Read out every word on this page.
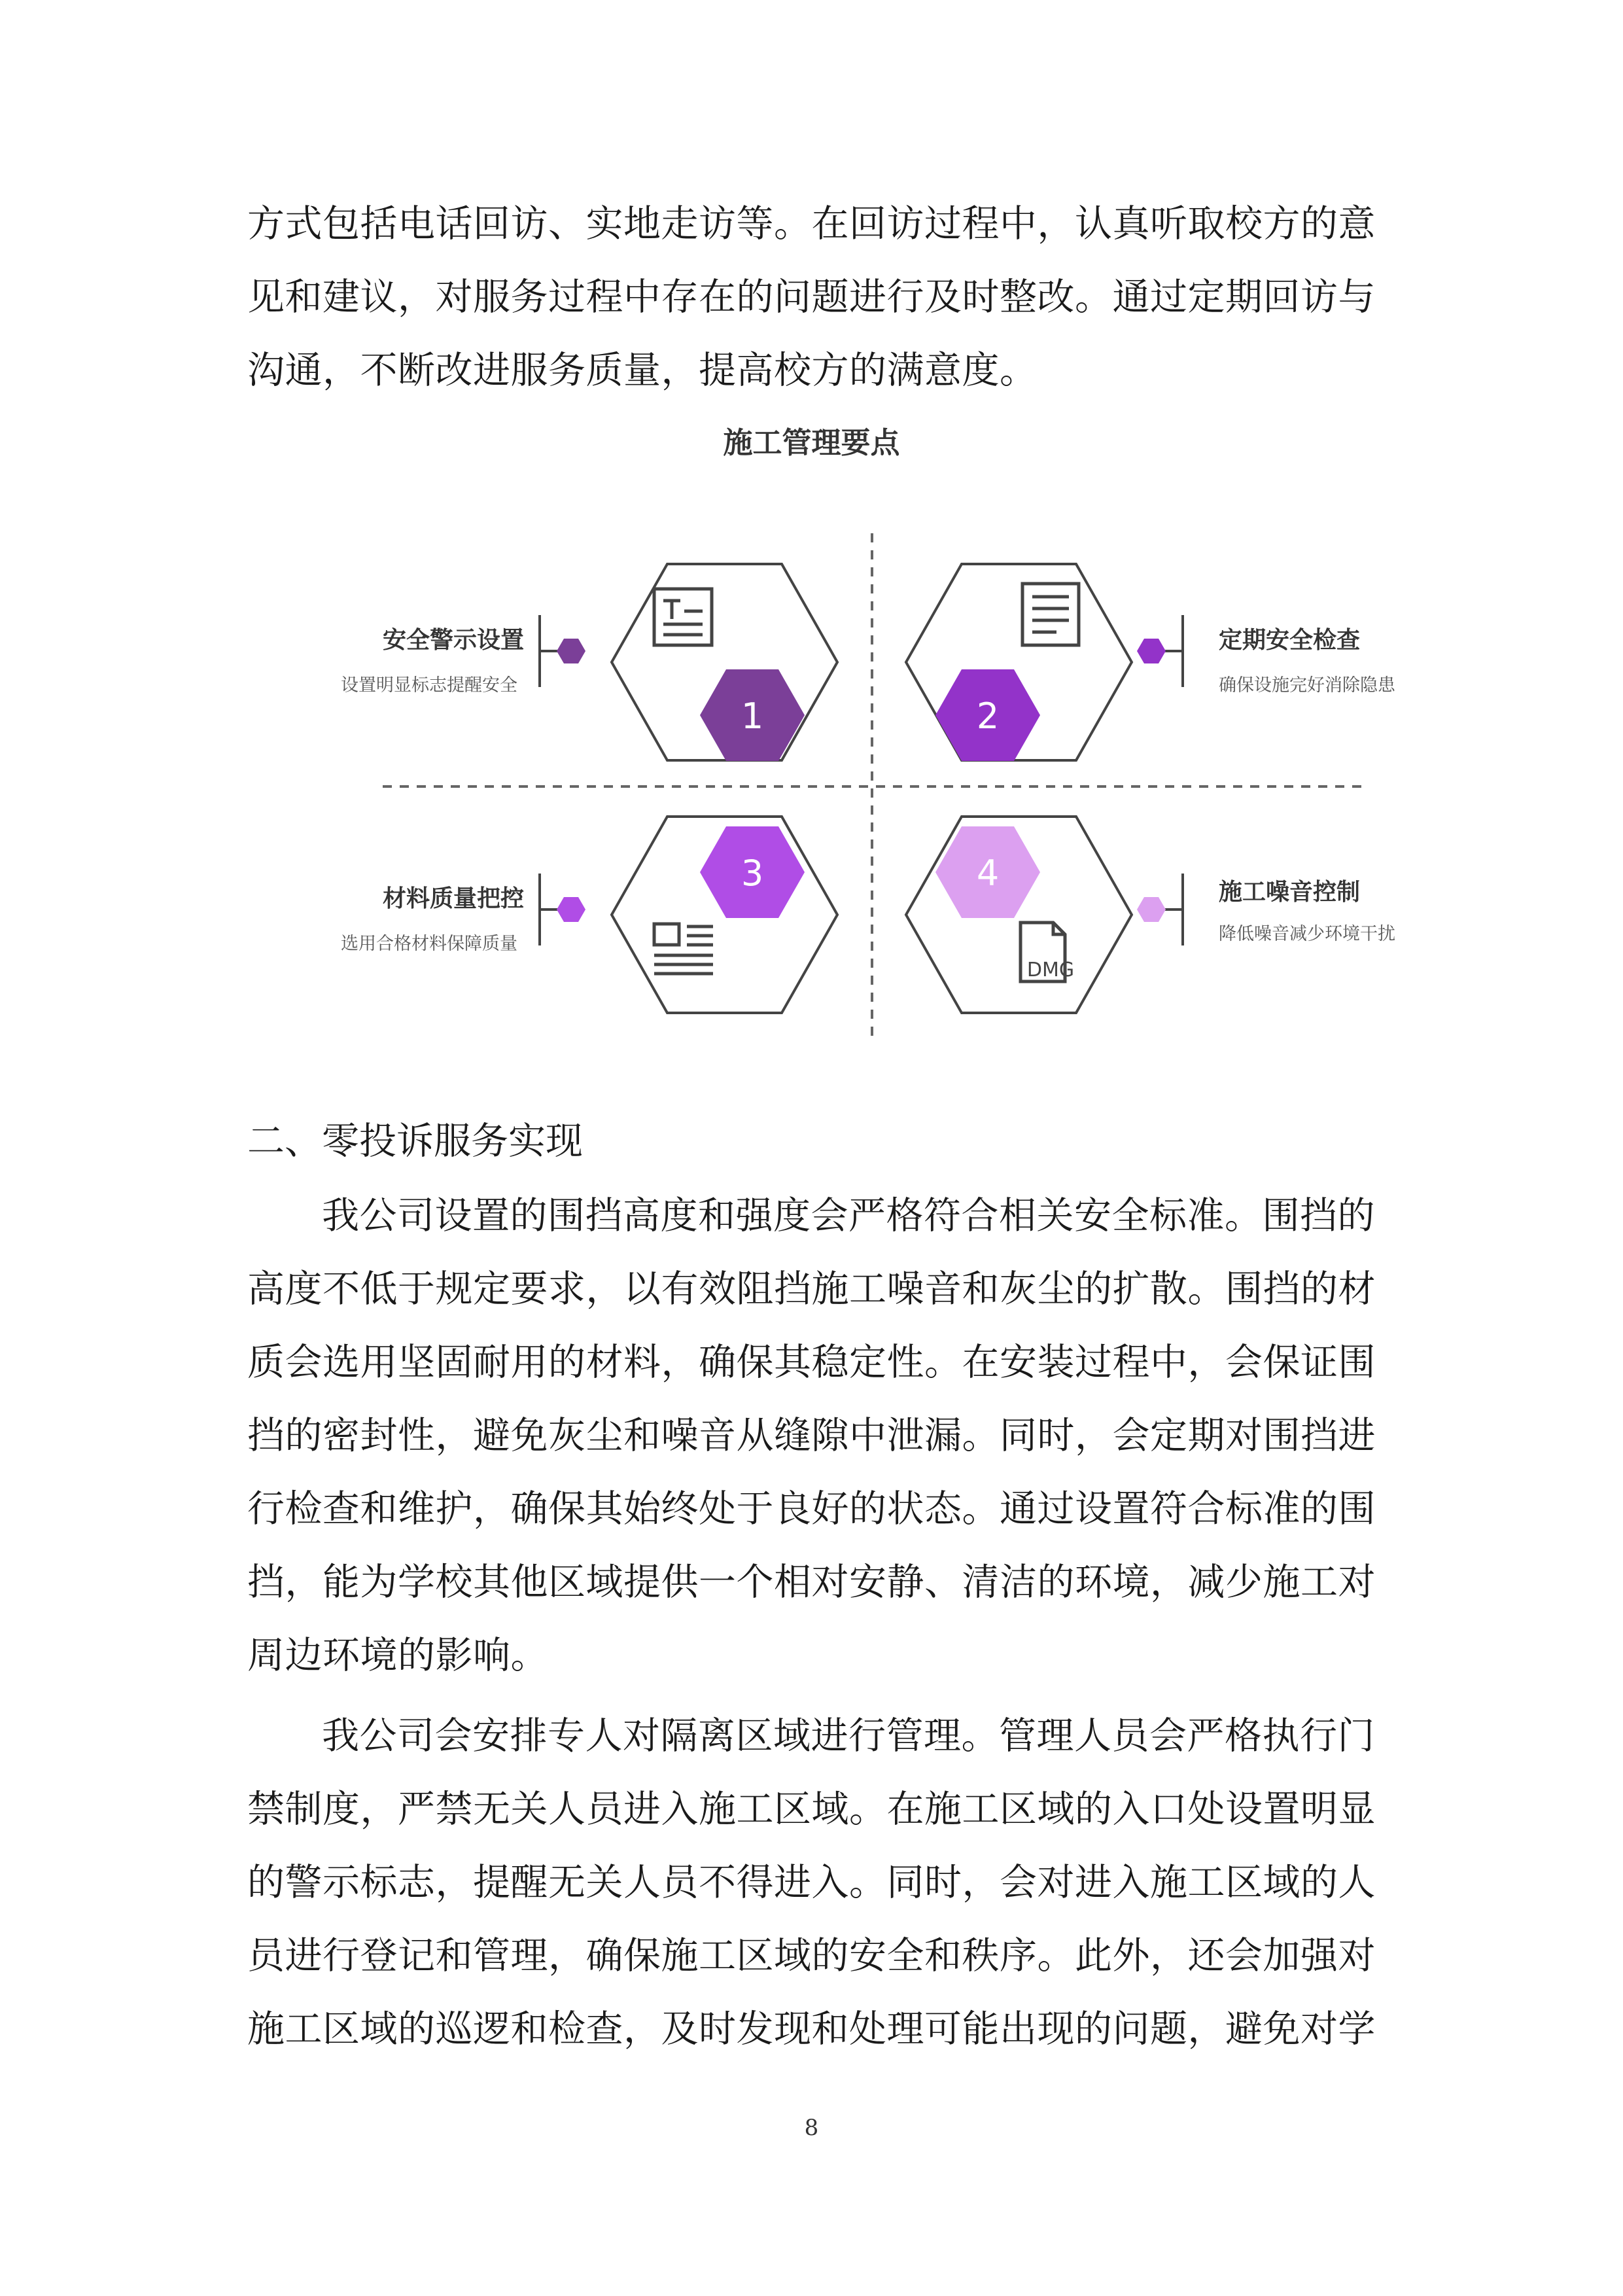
方式包括电话回访、实地走访等。在回访过程中，认真听取校方的意见和建议，对服务过程中存在的问题进行及时整改。通过定期回访与沟通，不断改进服务质量，提高校方的满意度。

施工管理要点

1	2
3	4
DMG

安全警示设置

设置明显标志提醒安全

材料质量把控

选用合格材料保障质量

定期安全检查

确保设施完好消除隐患

施工噪音控制

降低噪音减少环境干扰

二、零投诉服务实现

我公司设置的围挡高度和强度会严格符合相关安全标准。围挡的高度不低于规定要求，以有效阻挡施工噪音和灰尘的扩散。围挡的材质会选用坚固耐用的材料，确保其稳定性。在安装过程中，会保证围挡的密封性，避免灰尘和噪音从缝隙中泄漏。同时，会定期对围挡进行检查和维护，确保其始终处于良好的状态。通过设置符合标准的围挡，能为学校其他区域提供一个相对安静、清洁的环境，减少施工对周边环境的影响。

我公司会安排专人对隔离区域进行管理。管理人员会严格执行门禁制度，严禁无关人员进入施工区域。在施工区域的入口处设置明显的警示标志，提醒无关人员不得进入。同时，会对进入施工区域的人员进行登记和管理，确保施工区域的安全和秩序。此外，还会加强对施工区域的巡逻和检查，及时发现和处理可能出现的问题，避免对学

8
